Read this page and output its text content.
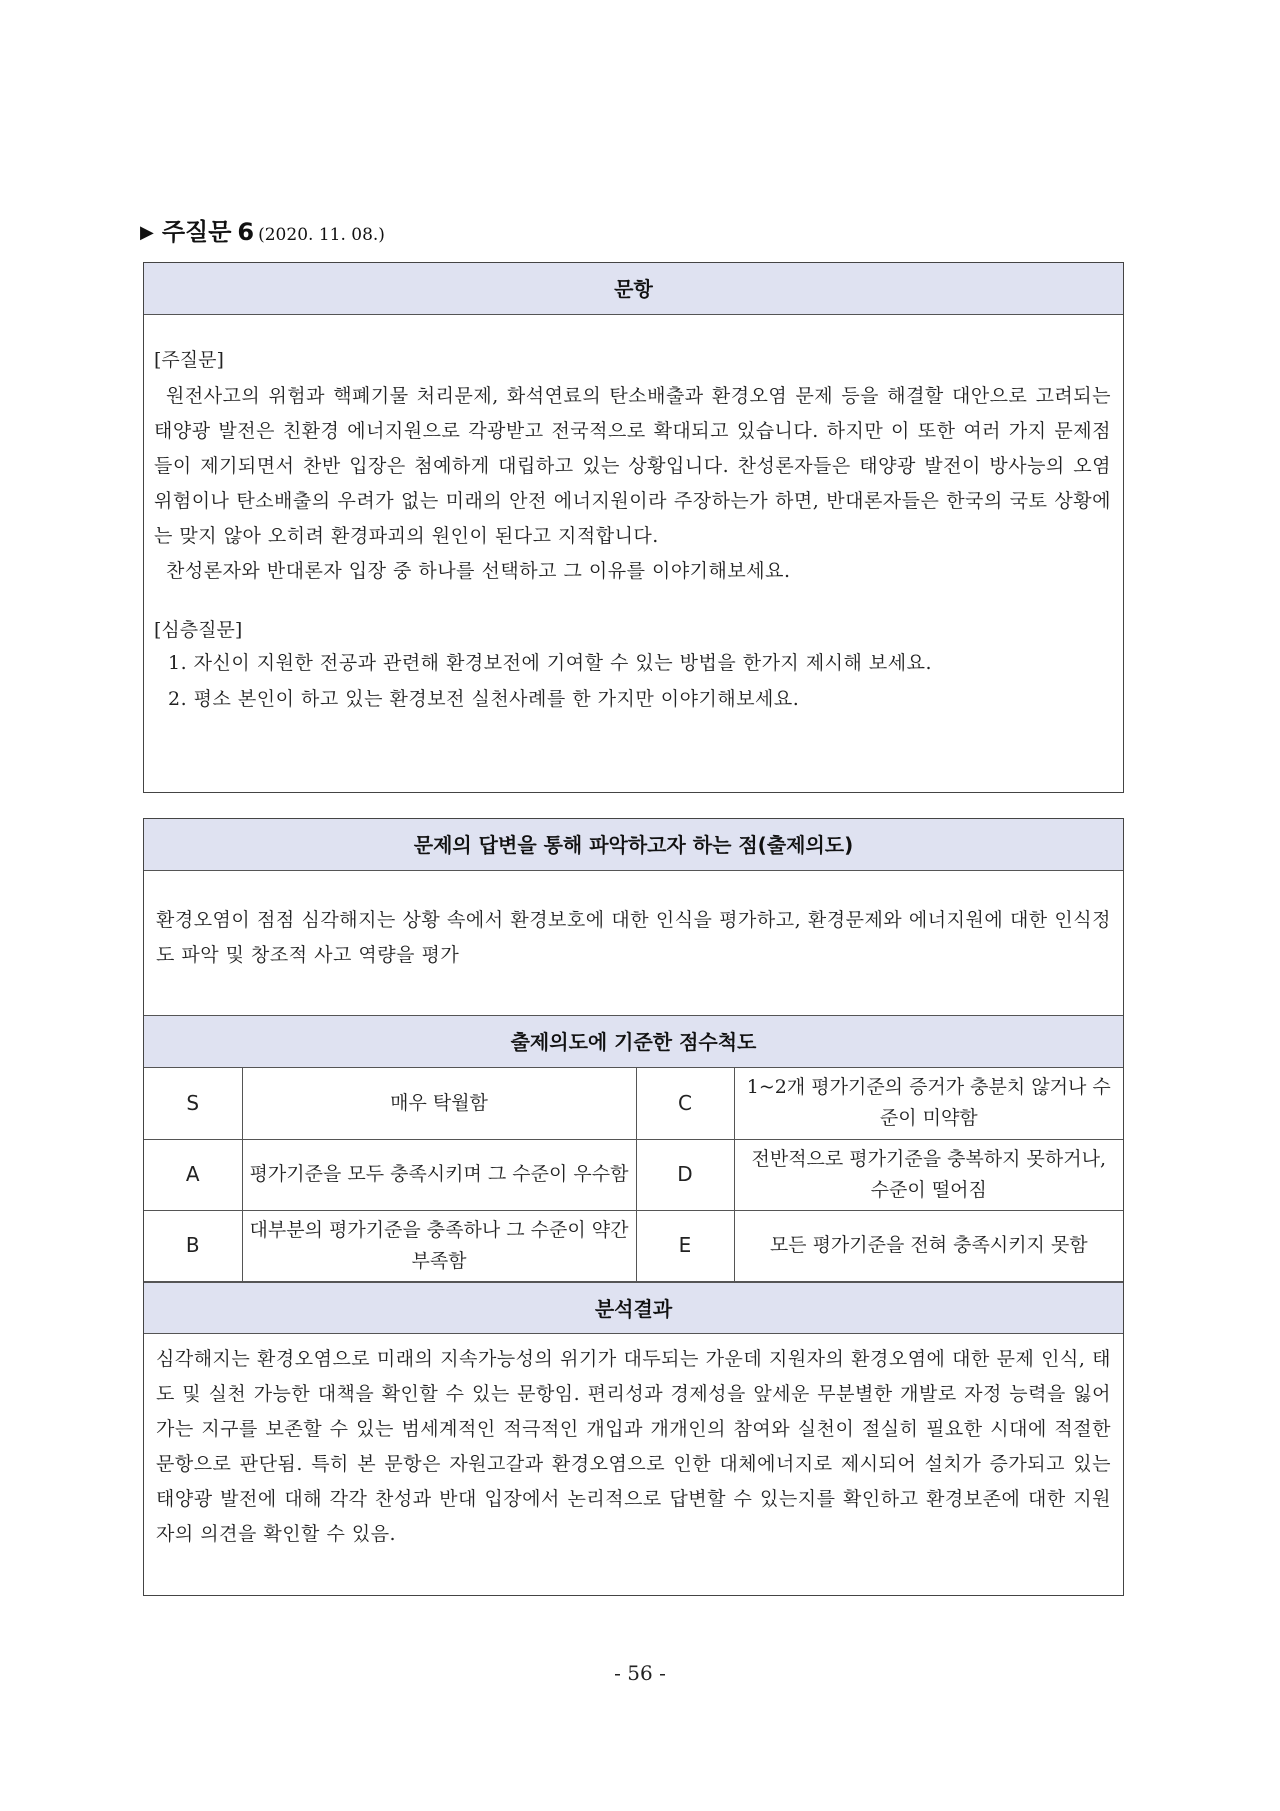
▶ 주질문 6 (2020. 11. 08.)
문항
[주질문]

원전사고의 위험과 핵폐기물 처리문제, 화석연료의 탄소배출과 환경오염 문제 등을 해결할 대안으로 고려되는 태양광 발전은 친환경 에너지원으로 각광받고 전국적으로 확대되고 있습니다. 하지만 이 또한 여러 가지 문제점들이 제기되면서 찬반 입장은 첨예하게 대립하고 있는 상황입니다. 찬성론자들은 태양광 발전이 방사능의 오염 위험이나 탄소배출의 우려가 없는 미래의 안전 에너지원이라 주장하는가 하면, 반대론자들은 한국의 국토 상황에는 맞지 않아 오히려 환경파괴의 원인이 된다고 지적합니다.

찬성론자와 반대론자 입장 중 하나를 선택하고 그 이유를 이야기해보세요.

[심층질문]
1. 자신이 지원한 전공과 관련해 환경보전에 기여할 수 있는 방법을 한가지 제시해 보세요.
2. 평소 본인이 하고 있는 환경보전 실천사례를 한 가지만 이야기해보세요.
문제의 답변을 통해 파악하고자 하는 점(출제의도)
환경오염이 점점 심각해지는 상황 속에서 환경보호에 대한 인식을 평가하고, 환경문제와 에너지원에 대한 인식정도 파악 및 창조적 사고 역량을 평가
출제의도에 기준한 점수척도
S	매우 탁월함	C	1~2개 평가기준의 증거가 충분치 않거나 수준이 미약함
A	평가기준을 모두 충족시키며 그 수준이 우수함	D	전반적으로 평가기준을 충복하지 못하거나, 수준이 떨어짐
B	대부분의 평가기준을 충족하나 그 수준이 약간 부족함	E	모든 평가기준을 전혀 충족시키지 못함
분석결과
심각해지는 환경오염으로 미래의 지속가능성의 위기가 대두되는 가운데 지원자의 환경오염에 대한 문제 인식, 태도 및 실천 가능한 대책을 확인할 수 있는 문항임. 편리성과 경제성을 앞세운 무분별한 개발로 자정 능력을 잃어가는 지구를 보존할 수 있는 범세계적인 적극적인 개입과 개개인의 참여와 실천이 절실히 필요한 시대에 적절한 문항으로 판단됨. 특히 본 문항은 자원고갈과 환경오염으로 인한 대체에너지로 제시되어 설치가 증가되고 있는 태양광 발전에 대해 각각 찬성과 반대 입장에서 논리적으로 답변할 수 있는지를 확인하고 환경보존에 대한 지원자의 의견을 확인할 수 있음.
- 56 -
